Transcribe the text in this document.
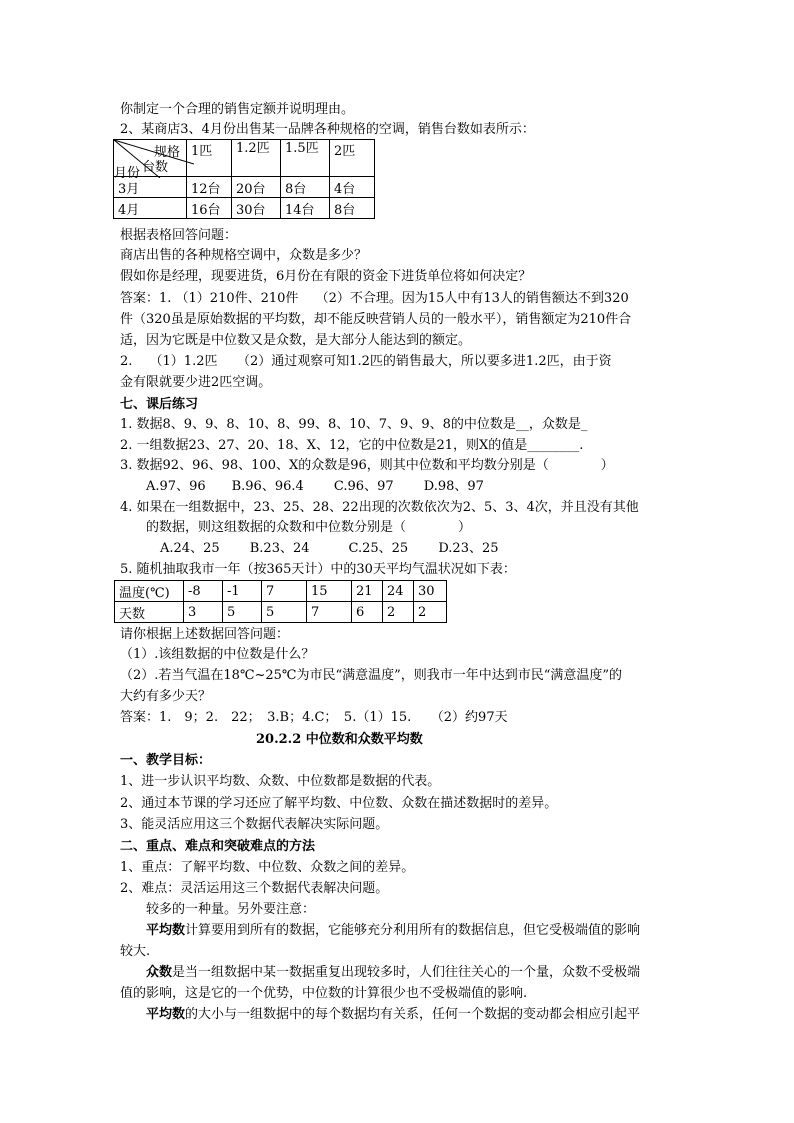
你制定一个合理的销售定额并说明理由。
2、某商店3、4月份出售某一品牌各种规格的空调，销售台数如表所示：
规格
台数
月份	1匹	1.2匹	1.5匹	2匹
3月	12台	20台	8台	4台
4月	16台	30台	14台	8台
根据表格回答问题：
商店出售的各种规格空调中，众数是多少？
假如你是经理，现要进货，6月份在有限的资金下进货单位将如何决定？
答案：1. （1）210件、210件　 （2）不合理。因为15人中有13人的销售额达不到320
件（320虽是原始数据的平均数，却不能反映营销人员的一般水平），销售额定为210件合
适，因为它既是中位数又是众数，是大部分人能达到的额定。
2.　 （1）1.2匹　　（2）通过观察可知1.2匹的销售最大，所以要多进1.2匹，由于资
金有限就要少进2匹空调。
七、课后练习
1. 数据8、9、9、8、10、8、99、8、10、7、9、9、8的中位数是__，众数是_
2. 一组数据23、27、20、18、X、12，它的中位数是21，则X的值是________.
3. 数据92、96、98、100、X的众数是96，则其中位数和平均数分别是（　　　　）
A.97、96　　B.96、96.4　　 C.96、97　　 D.98、97
4. 如果在一组数据中，23、25、28、22出现的次数依次为2、5、3、4次，并且没有其他
的数据，则这组数据的众数和中位数分别是（　　　　）
A.24、25　　 B.23、24　　　C.25、25　　 D.23、25
5. 随机抽取我市一年（按365天计）中的30天平均气温状况如下表：
温度(℃)	-8	-1	7	15	21	24	30
天数	3	5	5	7	6	2	2
请你根据上述数据回答问题：
（1）.该组数据的中位数是什么？
（2）.若当气温在18℃~25℃为市民“满意温度”，则我市一年中达到市民“满意温度”的
大约有多少天？
答案：1.　9；2.　22；　3.B；4.C；　5.（1）15.　　（2）约97天
20.2.2 中位数和众数平均数
一、教学目标：
1、进一步认识平均数、众数、中位数都是数据的代表。
2、通过本节课的学习还应了解平均数、中位数、众数在描述数据时的差异。
3、能灵活应用这三个数据代表解决实际问题。
二、重点、难点和突破难点的方法
1、重点：了解平均数、中位数、众数之间的差异。
2、难点：灵活运用这三个数据代表解决问题。
较多的一种量。另外要注意：
平均数计算要用到所有的数据，它能够充分利用所有的数据信息，但它受极端值的影响
较大.
众数是当一组数据中某一数据重复出现较多时，人们往往关心的一个量，众数不受极端
值的影响，这是它的一个优势，中位数的计算很少也不受极端值的影响.
平均数的大小与一组数据中的每个数据均有关系，任何一个数据的变动都会相应引起平
